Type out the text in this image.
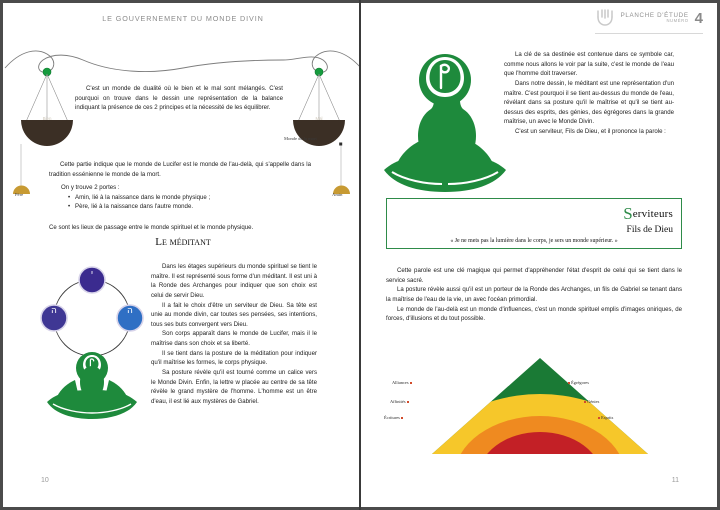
LE GOUVERNEMENT DU MONDE DIVIN
Bien	Mal

C'est un monde de dualité où le bien et le mal sont mélangés. C'est pourquoi on trouve dans le dessin une représentation de la balance indiquant la présence de ces 2 principes et la nécessité de les équilibrer.

Monde de la mort
Père	Amin

Cette partie indique que le monde de Lucifer est le monde de l'au-delà, qui s'appelle dans la tradition essénienne le monde de la mort.

On y trouve 2 portes :

• Amin, lié à la naissance dans le monde physique ;
• Père, lié à la naissance dans l'autre monde.

Ce sont les lieux de passage entre le monde spirituel et le monde physique.

Le méditant
י
ה	ה

Dans les étages supérieurs du monde spirituel se tient le maître. Il est représenté sous forme d'un méditant. Il est uni à la Ronde des Archanges pour indiquer que son choix est celui de servir Dieu.

Il a fait le choix d'être un serviteur de Dieu. Sa tête est unie au monde divin, car toutes ses pensées, ses intentions, tous ses buts convergent vers Dieu.

Son corps apparaît dans le monde de Lucifer, mais il le maîtrise dans son choix et sa liberté.

Il se tient dans la posture de la méditation pour indiquer qu'il maîtrise les formes, le corps physique.

Sa posture révèle qu'il est tourné comme un calice vers le Monde Divin. Enfin, la lettre w placée au centre de sa tête révèle le grand mystère de l'homme. L'homme est un être d'eau, il est lié aux mystères de Gabriel.

10
PLANCHE D'ÉTUDE
NUMÉRO 4

La clé de sa destinée est contenue dans ce symbole car, comme nous allons le voir par la suite, c'est le monde de l'eau que l'homme doit traverser.

Dans notre dessin, le méditant est une représentation d'un maître. C'est pourquoi il se tient au-dessus du monde de l'eau, révélant dans sa posture qu'il le maîtrise et qu'il se tient au-dessus des esprits, des génies, des égrégores dans la grande maîtrise, un avec le Monde Divin.

C'est un serviteur, Fils de Dieu, et il prononce la parole :

Serviteurs
Fils de Dieu
« Je ne mets pas la lumière dans le corps, je sers un monde supérieur. »

Cette parole est une clé magique qui permet d'appréhender l'état d'esprit de celui qui se tient dans le service sacré.

La posture révèle aussi qu'il est un porteur de la Ronde des Archanges, un fils de Gabriel se tenant dans la maîtrise de l'eau de la vie, un avec l'océan primordial.

Le monde de l'au-delà est un monde d'influences, c'est un monde spirituel emplis d'images oniriques, de forces, d'illusions et du tout possible.

Alliances
Affinités
Écritures
Égrégores
Génies
Esprits
11
